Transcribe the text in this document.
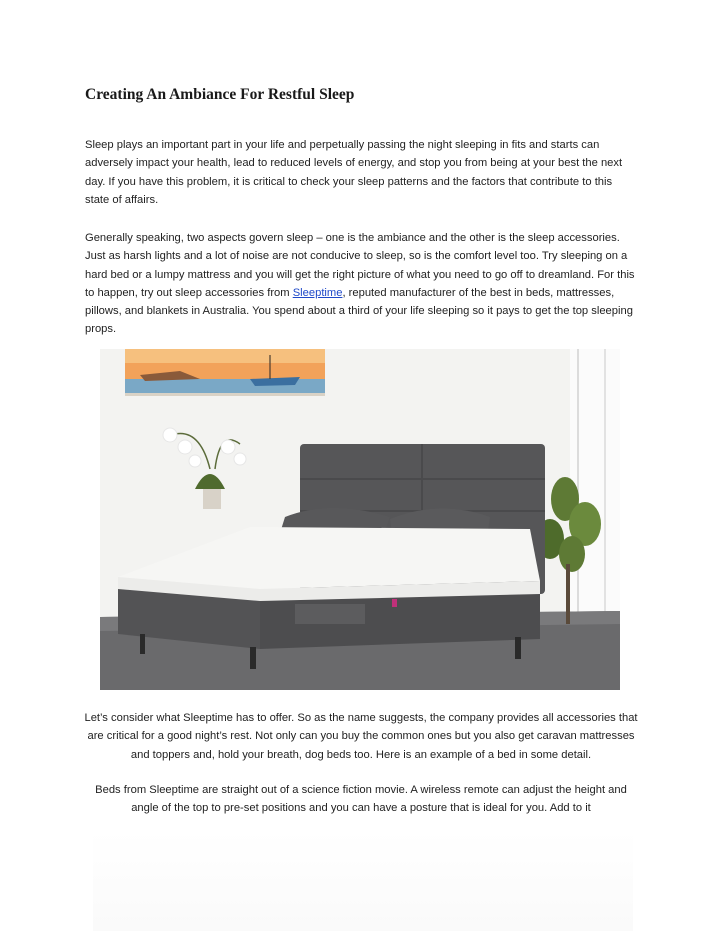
Creating An Ambiance For Restful Sleep

Sleep plays an important part in your life and perpetually passing the night sleeping in fits and starts can adversely impact your health, lead to reduced levels of energy, and stop you from being at your best the next day. If you have this problem, it is critical to check your sleep patterns and the factors that contribute to this state of affairs.

Generally speaking, two aspects govern sleep – one is the ambiance and the other is the sleep accessories. Just as harsh lights and a lot of noise are not conducive to sleep, so is the comfort level too. Try sleeping on a hard bed or a lumpy mattress and you will get the right picture of what you need to go off to dreamland. For this to happen, try out sleep accessories from Sleeptime, reputed manufacturer of the best in beds, mattresses, pillows, and blankets in Australia. You spend about a third of your life sleeping so it pays to get the top sleeping props.

Let’s consider what Sleeptime has to offer. So as the name suggests, the company provides all accessories that are critical for a good night’s rest. Not only can you buy the common ones but you also get caravan mattresses and toppers and, hold your breath, dog beds too. Here is an example of a bed in some detail.

Beds from Sleeptime are straight out of a science fiction movie. A wireless remote can adjust the height and angle of the top to pre-set positions and you can have a posture that is ideal for you. Add to it
